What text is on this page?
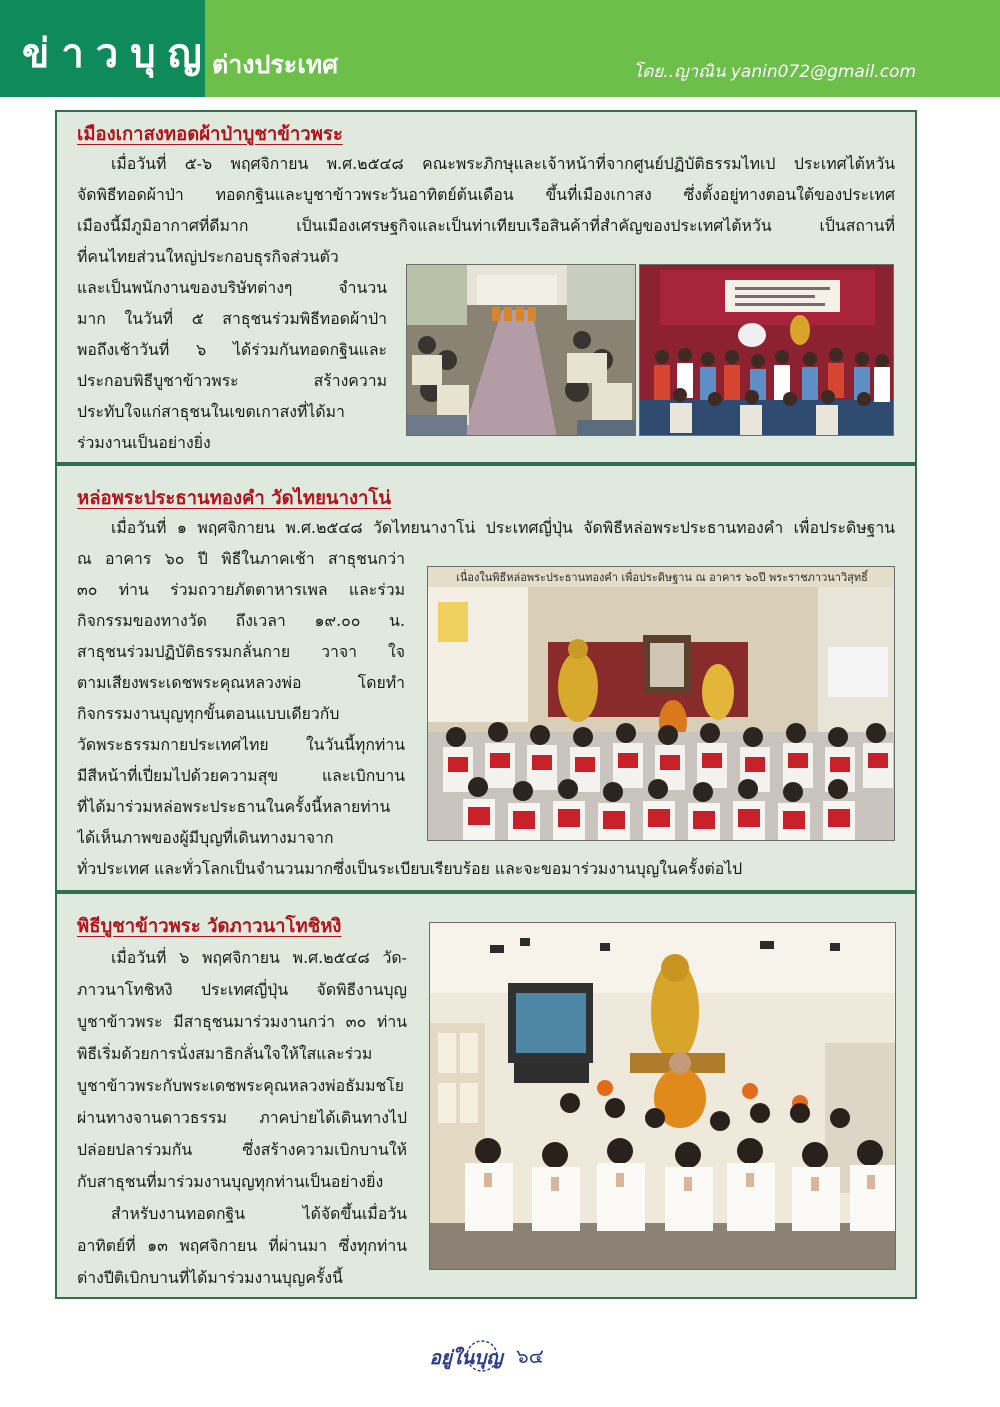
ข่าวบุญ
ต่างประเทศ	โดย..ญาณิน yanin072@gmail.com
เมืองเกาสงทอดผ้าป่าบูชาข้าวพระ
เมื่อวันที่ ๕-๖ พฤศจิกายน พ.ศ.๒๕๔๘ คณะพระภิกษุและเจ้าหน้าที่จากศูนย์ปฏิบัติธรรมไทเป ประเทศไต้หวัน
จัดพิธีทอดผ้าป่า ทอดกฐินและบูชาข้าวพระวันอาทิตย์ต้นเดือน ขึ้นที่เมืองเกาสง ซึ่งตั้งอยู่ทางตอนใต้ของประเทศ
เมืองนี้มีภูมิอากาศที่ดีมาก เป็นเมืองเศรษฐกิจและเป็นท่าเทียบเรือสินค้าที่สำคัญของประเทศไต้หวัน เป็นสถานที่
ที่คนไทยส่วนใหญ่ประกอบธุรกิจส่วนตัว
และเป็นพนักงานของบริษัทต่างๆ จำนวน
มาก ในวันที่ ๕ สาธุชนร่วมพิธีทอดผ้าป่า
พอถึงเช้าวันที่ ๖ ได้ร่วมกันทอดกฐินและ
ประกอบพิธีบูชาข้าวพระ สร้างความ
ประทับใจแก่สาธุชนในเขตเกาสงที่ได้มา
ร่วมงานเป็นอย่างยิ่ง
หล่อพระประธานทองคำ วัดไทยนางาโน่
เมื่อวันที่ ๑ พฤศจิกายน พ.ศ.๒๕๔๘ วัดไทยนางาโน่ ประเทศญี่ปุ่น จัดพิธีหล่อพระประธานทองคำ เพื่อประดิษฐาน
ณ อาคาร ๖๐ ปี พิธีในภาคเช้า สาธุชนกว่า
๓๐ ท่าน ร่วมถวายภัตตาหารเพล และร่วม
กิจกรรมของทางวัด ถึงเวลา ๑๙.๐๐ น.
สาธุชนร่วมปฏิบัติธรรมกลั่นกาย วาจา ใจ
ตามเสียงพระเดชพระคุณหลวงพ่อ โดยทำ
กิจกรรมงานบุญทุกขั้นตอนแบบเดียวกับ
วัดพระธรรมกายประเทศไทย ในวันนี้ทุกท่าน
มีสีหน้าที่เปี่ยมไปด้วยความสุข และเบิกบาน
ที่ได้มาร่วมหล่อพระประธานในครั้งนี้หลายท่าน
ได้เห็นภาพของผู้มีบุญที่เดินทางมาจาก
ทั่วประเทศ และทั่วโลกเป็นจำนวนมากซึ่งเป็นระเบียบเรียบร้อย และจะขอมาร่วมงานบุญในครั้งต่อไป
เนื่องในพิธีหล่อพระประธานทองคำ เพื่อประดิษฐาน ณ อาคาร ๖๐ปี พระราชภาวนาวิสุทธิ์
พิธีบูชาข้าวพระ วัดภาวนาโทชิหงิ
เมื่อวันที่ ๖ พฤศจิกายน พ.ศ.๒๕๔๘ วัด-
ภาวนาโทชิหงิ ประเทศญี่ปุ่น จัดพิธีงานบุญ
บูชาข้าวพระ มีสาธุชนมาร่วมงานกว่า ๓๐ ท่าน
พิธีเริ่มด้วยการนั่งสมาธิกลั่นใจให้ใสและร่วม
บูชาข้าวพระกับพระเดชพระคุณหลวงพ่อธัมมชโย
ผ่านทางจานดาวธรรม ภาคบ่ายได้เดินทางไป
ปล่อยปลาร่วมกัน ซึ่งสร้างความเบิกบานให้
กับสาธุชนที่มาร่วมงานบุญทุกท่านเป็นอย่างยิ่ง
สำหรับงานทอดกฐิน ได้จัดขึ้นเมื่อวัน
อาทิตย์ที่ ๑๓ พฤศจิกายน ที่ผ่านมา ซึ่งทุกท่าน
ต่างปีติเบิกบานที่ได้มาร่วมงานบุญครั้งนี้
อยู่ในบุญ ๖๔
